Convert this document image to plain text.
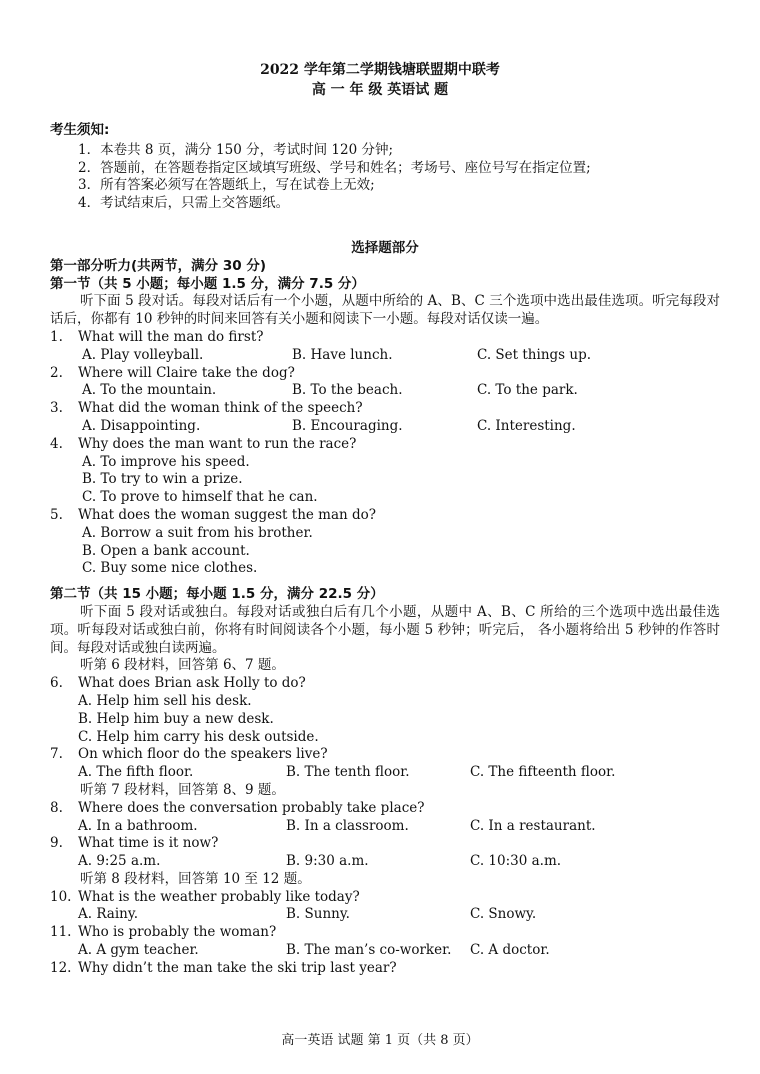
2022 学年第二学期钱塘联盟期中联考
高 一 年 级 英语试 题
考生须知:
1．本卷共 8 页，满分 150 分，考试时间 120 分钟;
2．答题前，在答题卷指定区域填写班级、学号和姓名；考场号、座位号写在指定位置;
3．所有答案必须写在答题纸上，写在试卷上无效;
4．考试结束后，只需上交答题纸。
选择题部分
第一部分听力(共两节，满分 30 分)
第一节（共 5 小题；每小题 1.5 分，满分 7.5 分）
听下面 5 段对话。每段对话后有一个小题，从题中所给的 A、B、C 三个选项中选出最佳选项。听完每段对话后，你都有 10 秒钟的时间来回答有关小题和阅读下一小题。每段对话仅读一遍。
1.	What will the man do first?
A. Play volleyball.	B. Have lunch.	C. Set things up.
2.	Where will Claire take the dog?
A. To the mountain.	B. To the beach.	C. To the park.
3.	What did the woman think of the speech?
A. Disappointing.	B. Encouraging.	C. Interesting.
4.	Why does the man want to run the race?
A. To improve his speed.
B. To try to win a prize.
C. To prove to himself that he can.
5.	What does the woman suggest the man do?
A. Borrow a suit from his brother.
B. Open a bank account.
C. Buy some nice clothes.
第二节（共 15 小题；每小题 1.5 分，满分 22.5 分）
听下面 5 段对话或独白。每段对话或独白后有几个小题，从题中 A、B、C 所给的三个选项中选出最佳选项。听每段对话或独白前，你将有时间阅读各个小题，每小题 5 秒钟；听完后， 各小题将给出 5 秒钟的作答时间。每段对话或独白读两遍。
听第 6 段材料，回答第 6、7 题。
6.	What does Brian ask Holly to do?
A. Help him sell his desk.
B. Help him buy a new desk.
C. Help him carry his desk outside.
7.	On which floor do the speakers live?
A. The fifth floor.	B. The tenth floor.	C. The fifteenth floor.
听第 7 段材料，回答第 8、9 题。
8.	Where does the conversation probably take place?
A. In a bathroom.	B. In a classroom.	C. In a restaurant.
9.	What time is it now?
A. 9:25 a.m.	B. 9:30 a.m.	C. 10:30 a.m.
听第 8 段材料，回答第 10 至 12 题。
10. What is the weather probably like today?
A. Rainy.	B. Sunny.	C. Snowy.
11. Who is probably the woman?
A. A gym teacher.	B. The man’s co-worker.	C. A doctor.
12. Why didn’t the man take the ski trip last year?
高一英语 试题 第 1 页（共 8 页）
